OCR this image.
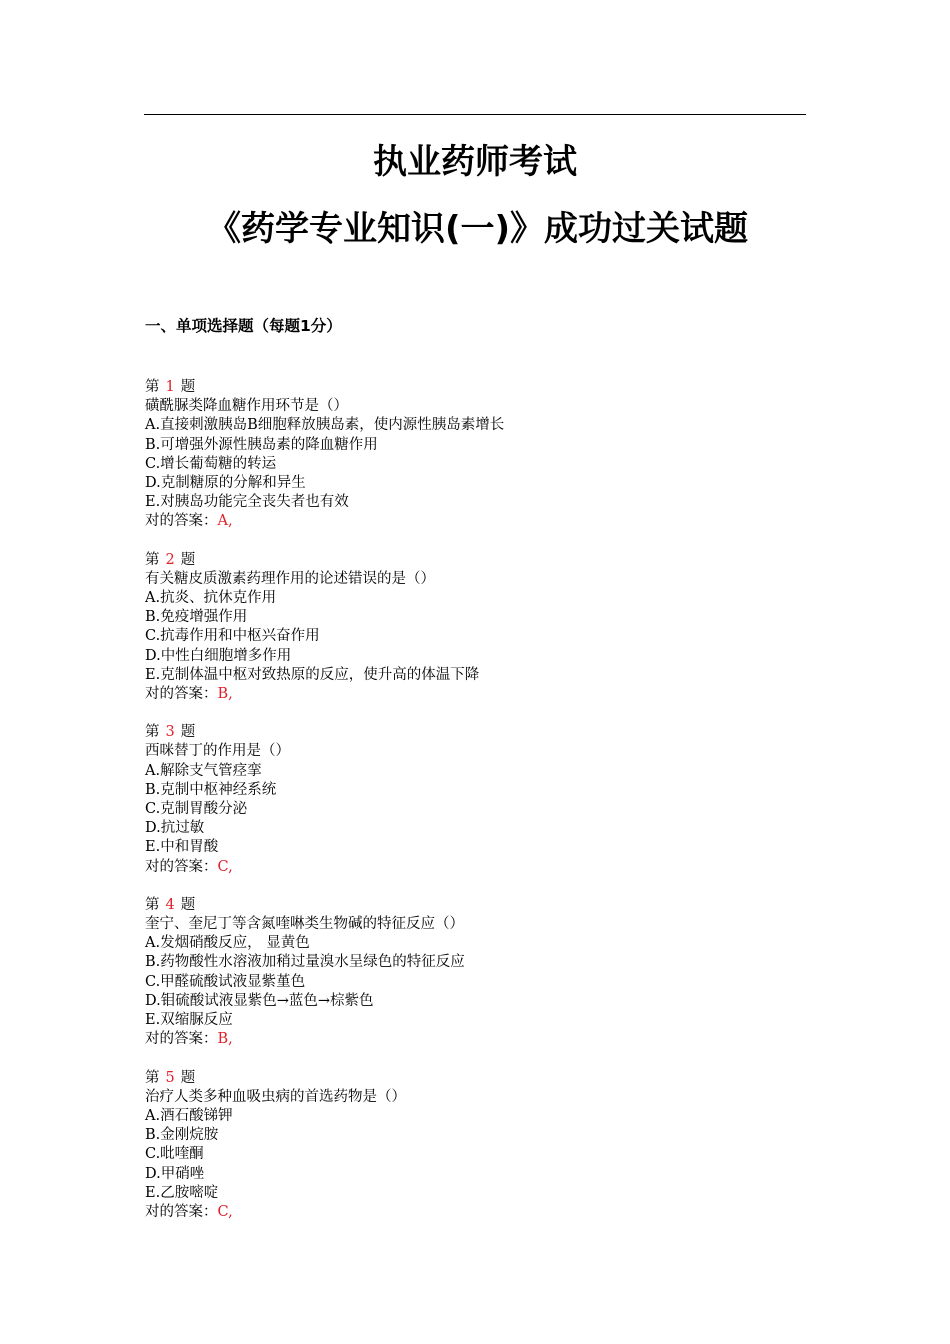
执业药师考试
《药学专业知识(一)》成功过关试题
一、单项选择题（每题1分）
第 1 题
磺酰脲类降血糖作用环节是（）
A.直接刺激胰岛B细胞释放胰岛素，使内源性胰岛素增长
B.可增强外源性胰岛素的降血糖作用
C.增长葡萄糖的转运
D.克制糖原的分解和异生
E.对胰岛功能完全丧失者也有效
对的答案：A,
第 2 题
有关糖皮质激素药理作用的论述错误的是（）
A.抗炎、抗休克作用
B.免疫增强作用
C.抗毒作用和中枢兴奋作用
D.中性白细胞增多作用
E.克制体温中枢对致热原的反应，使升高的体温下降
对的答案：B,
第 3 题
西咪替丁的作用是（）
A.解除支气管痉挛
B.克制中枢神经系统
C.克制胃酸分泌
D.抗过敏
E.中和胃酸
对的答案：C,
第 4 题
奎宁、奎尼丁等含氮喹啉类生物碱的特征反应（）
A.发烟硝酸反应， 显黄色
B.药物酸性水溶液加稍过量溴水呈绿色的特征反应
C.甲醛硫酸试液显紫堇色
D.钼硫酸试液显紫色→蓝色→棕紫色
E.双缩脲反应
对的答案：B,
第 5 题
治疗人类多种血吸虫病的首选药物是（）
A.酒石酸锑钾
B.金刚烷胺
C.吡喹酮
D.甲硝唑
E.乙胺嘧啶
对的答案：C,
